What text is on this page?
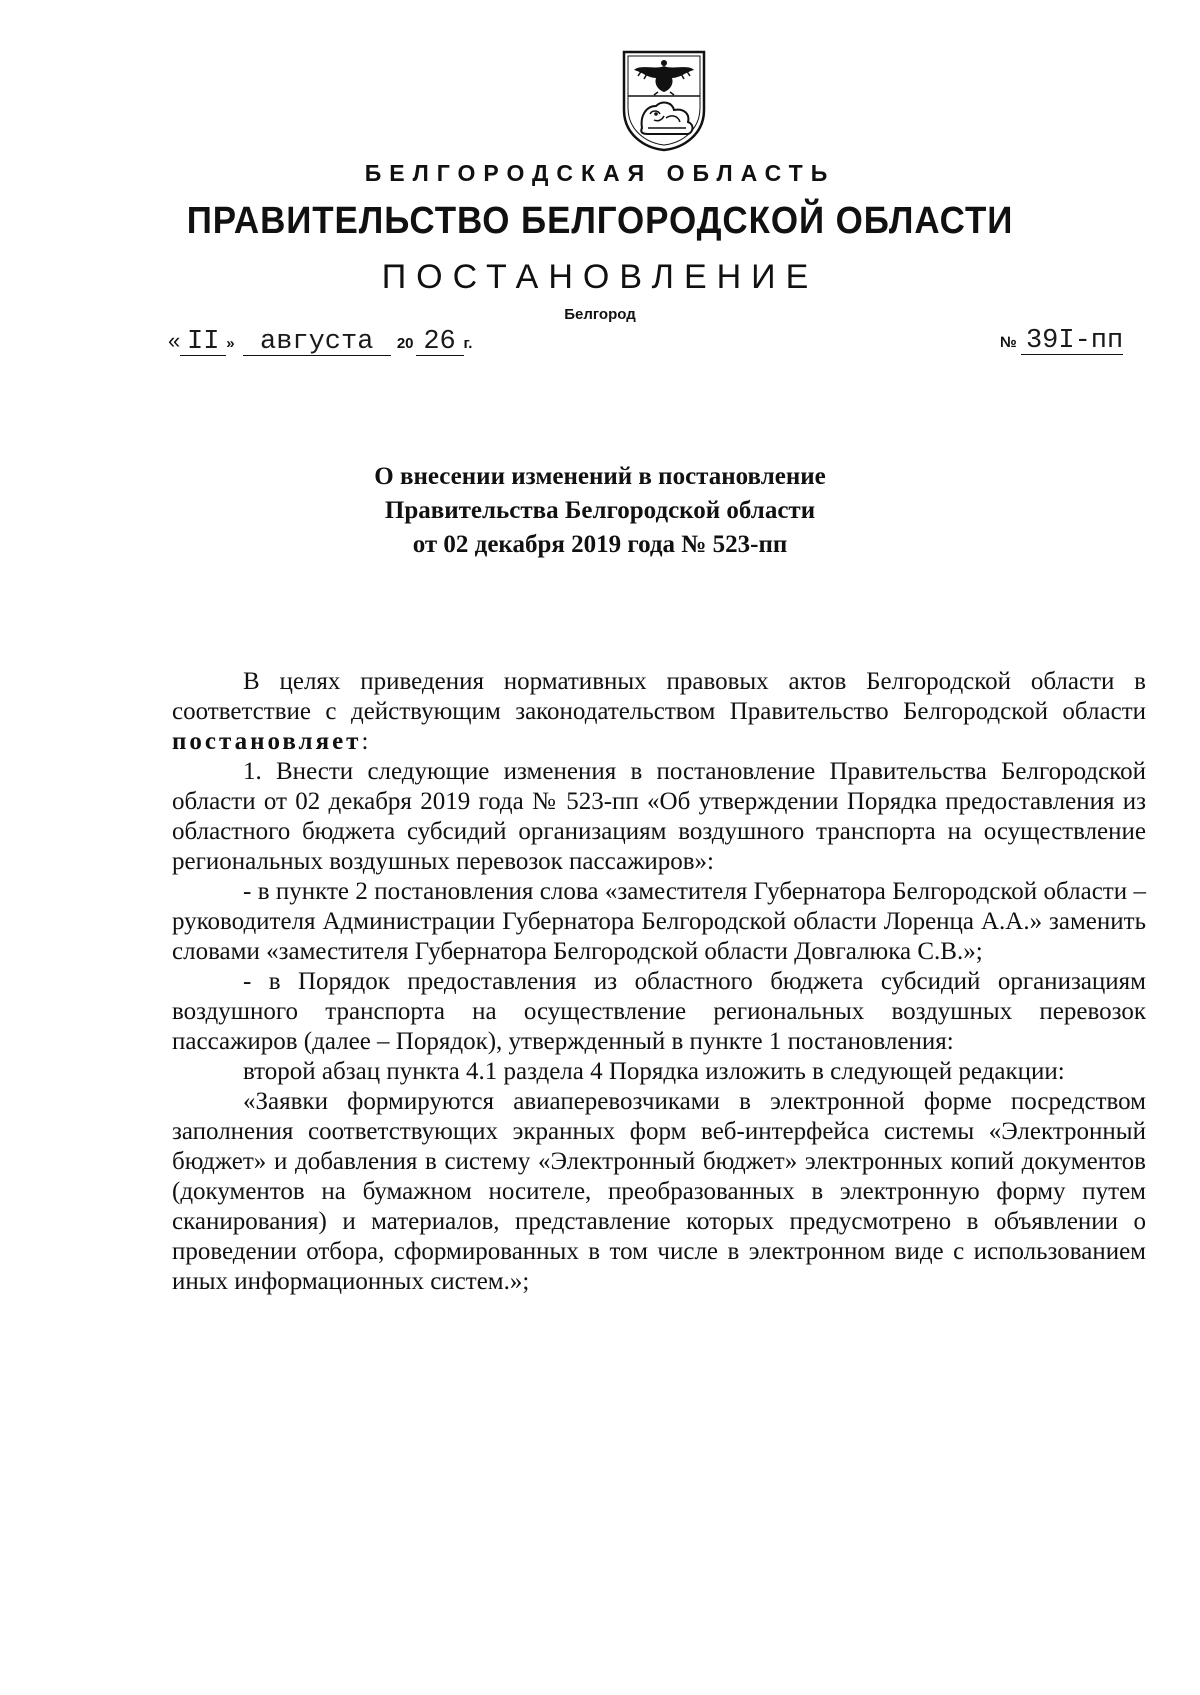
БЕЛГОРОДСКАЯ ОБЛАСТЬ
ПРАВИТЕЛЬСТВО БЕЛГОРОДСКОЙ ОБЛАСТИ
ПОСТАНОВЛЕНИЕ
Белгород
« II » августа 20 26 г.	№ 39I-пп
О внесении изменений в постановление
Правительства Белгородской области
от 02 декабря 2019 года № 523-пп

В целях приведения нормативных правовых актов Белгородской области в соответствие с действующим законодательством Правительство Белгородской области постановляет:

1. Внести следующие изменения в постановление Правительства Белгородской области от 02 декабря 2019 года № 523-пп «Об утверждении Порядка предоставления из областного бюджета субсидий организациям воздушного транспорта на осуществление региональных воздушных перевозок пассажиров»:

- в пункте 2 постановления слова «заместителя Губернатора Белгородской области – руководителя Администрации Губернатора Белгородской области Лоренца А.А.» заменить словами «заместителя Губернатора Белгородской области Довгалюка С.В.»;

- в Порядок предоставления из областного бюджета субсидий организациям воздушного транспорта на осуществление региональных воздушных перевозок пассажиров (далее – Порядок), утвержденный в пункте 1 постановления:

второй абзац пункта 4.1 раздела 4 Порядка изложить в следующей редакции:

«Заявки формируются авиаперевозчиками в электронной форме посредством заполнения соответствующих экранных форм веб-интерфейса системы «Электронный бюджет» и добавления в систему «Электронный бюджет» электронных копий документов (документов на бумажном носителе, преобразованных в электронную форму путем сканирования) и материалов, представление которых предусмотрено в объявлении о проведении отбора, сформированных в том числе в электронном виде с использованием иных информационных систем.»;
